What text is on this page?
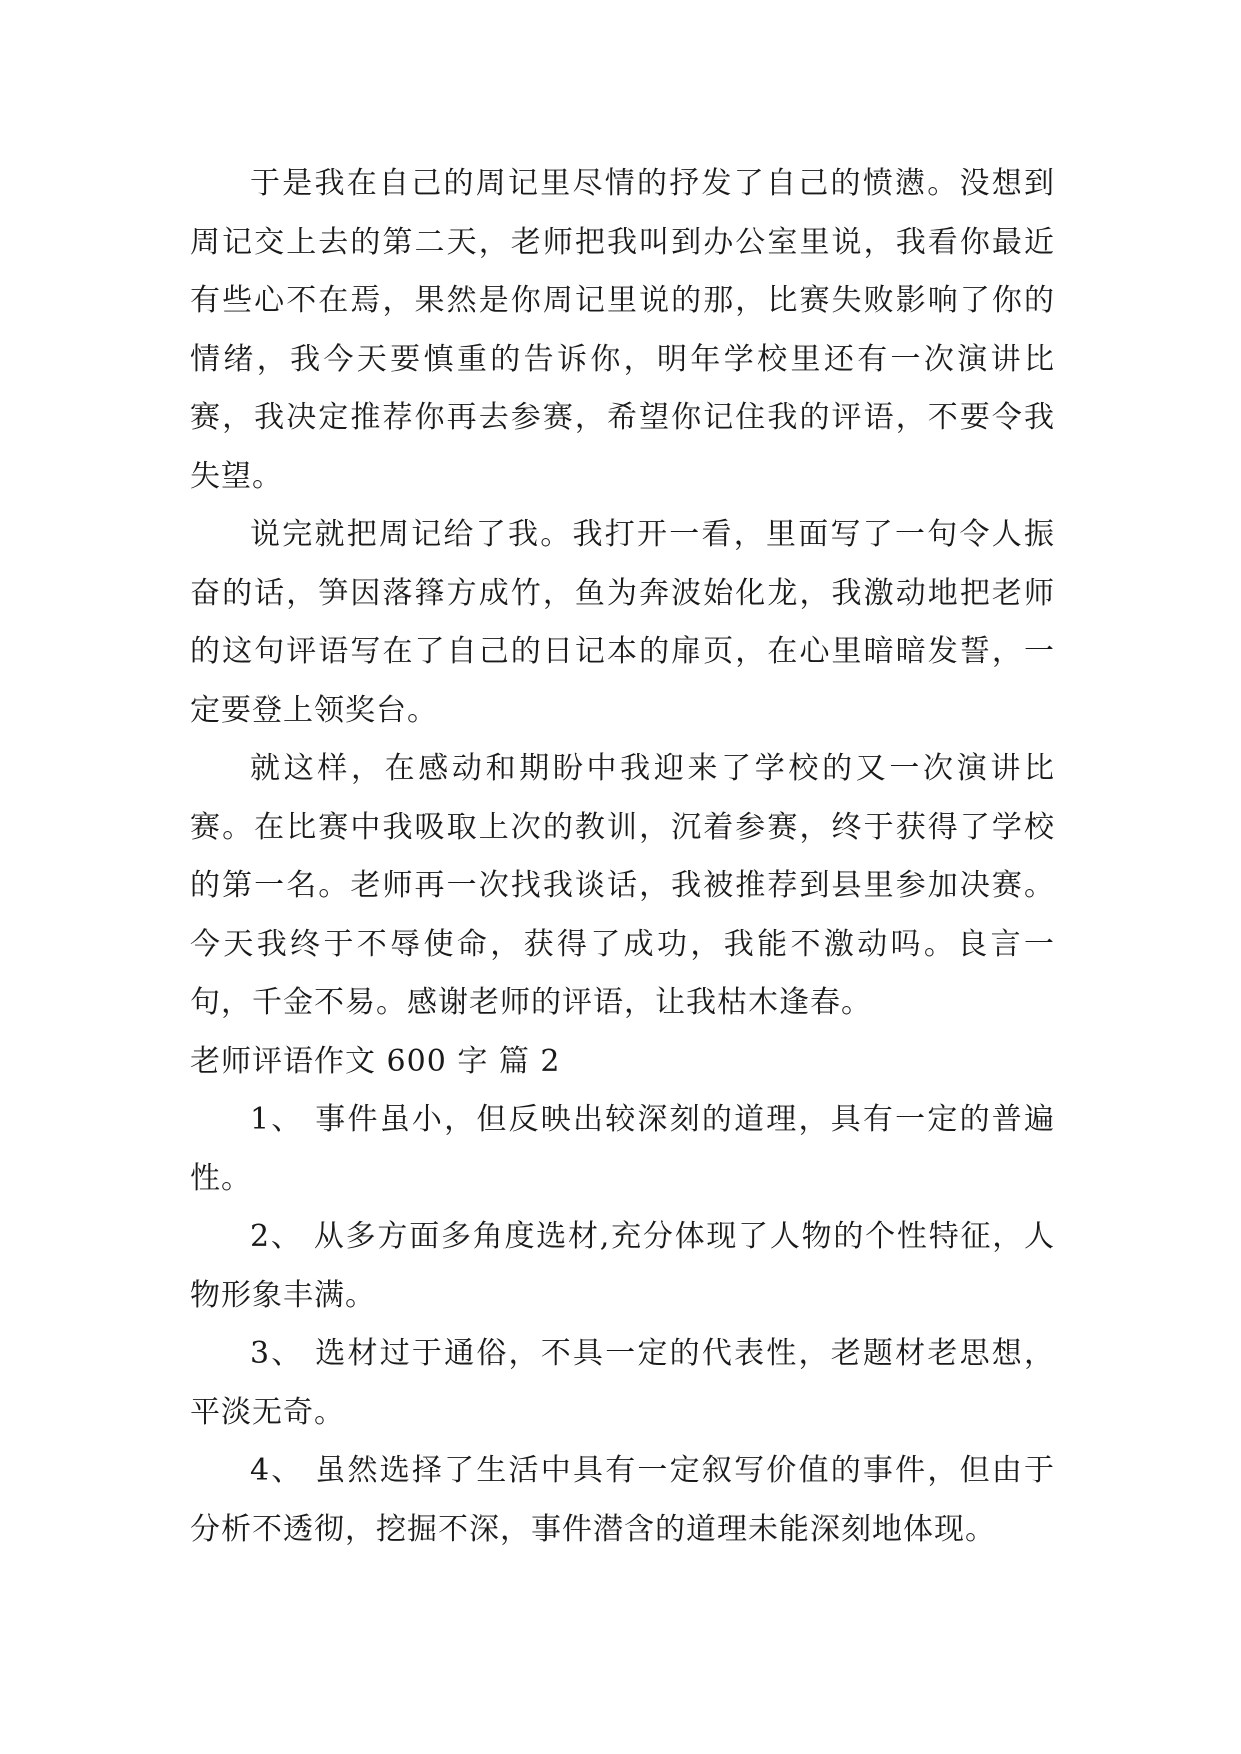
于是我在自己的周记里尽情的抒发了自己的愤懑。没想到周记交上去的第二天，老师把我叫到办公室里说，我看你最近有些心不在焉，果然是你周记里说的那，比赛失败影响了你的情绪，我今天要慎重的告诉你，明年学校里还有一次演讲比赛，我决定推荐你再去参赛，希望你记住我的评语，不要令我失望。

说完就把周记给了我。我打开一看，里面写了一句令人振奋的话，笋因落箨方成竹，鱼为奔波始化龙，我激动地把老师的这句评语写在了自己的日记本的扉页，在心里暗暗发誓，一定要登上领奖台。

就这样，在感动和期盼中我迎来了学校的又一次演讲比赛。在比赛中我吸取上次的教训，沉着参赛，终于获得了学校的第一名。老师再一次找我谈话，我被推荐到县里参加决赛。今天我终于不辱使命，获得了成功，我能不激动吗。良言一句，千金不易。感谢老师的评语，让我枯木逢春。

老师评语作文 600 字 篇 2

1、 事件虽小，但反映出较深刻的道理，具有一定的普遍性。

2、 从多方面多角度选材,充分体现了人物的个性特征，人物形象丰满。

3、 选材过于通俗，不具一定的代表性，老题材老思想，平淡无奇。

4、 虽然选择了生活中具有一定叙写价值的事件，但由于分析不透彻，挖掘不深，事件潜含的道理未能深刻地体现。
